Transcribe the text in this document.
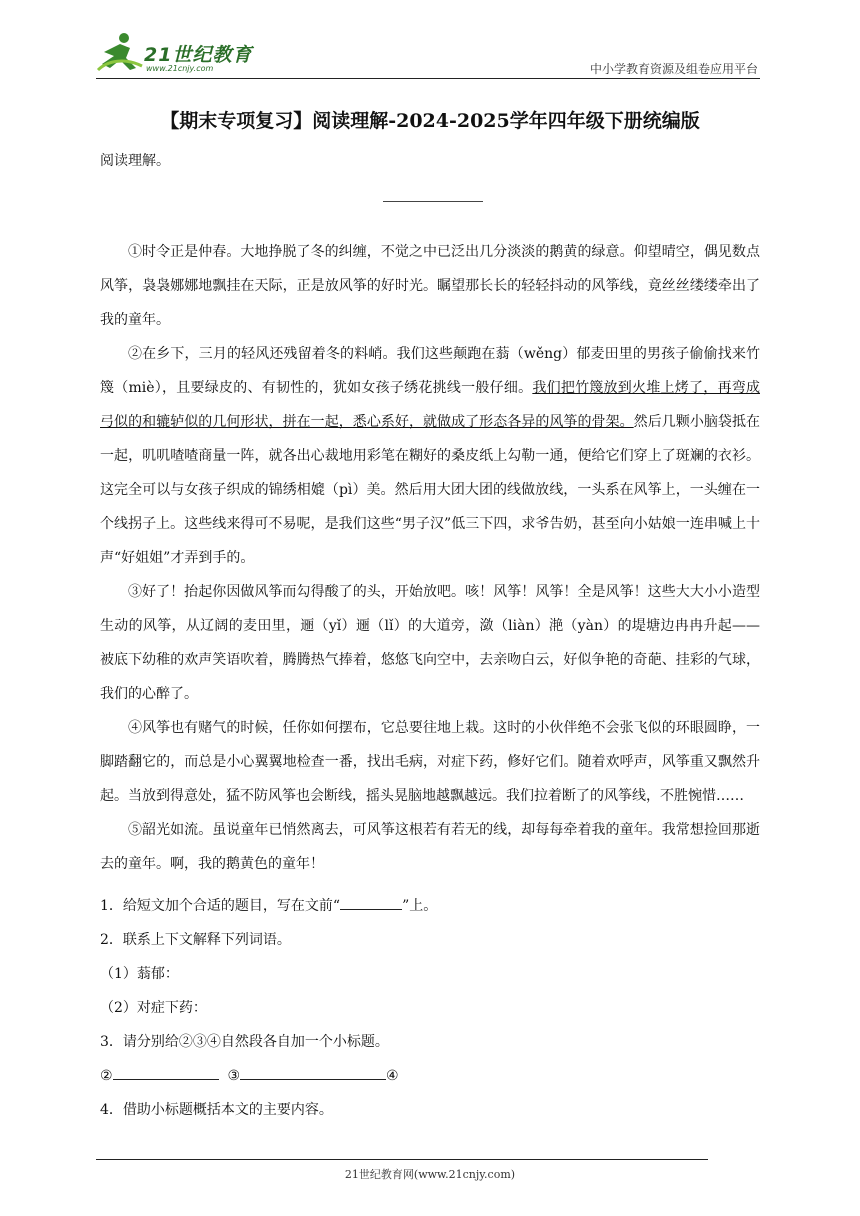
21世纪教育
www.21cnjy.com	中小学教育资源及组卷应用平台
【期末专项复习】阅读理解-2024-2025学年四年级下册统编版
阅读理解。

①时令正是仲春。大地挣脱了冬的纠缠，不觉之中已泛出几分淡淡的鹅黄的绿意。仰望晴空，偶见数点风筝，袅袅娜娜地飘挂在天际，正是放风筝的好时光。瞩望那长长的轻轻抖动的风筝线，竟丝丝缕缕牵出了我的童年。

②在乡下，三月的轻风还残留着冬的料峭。我们这些颠跑在蓊（wěng）郁麦田里的男孩子偷偷找来竹篾（miè），且要绿皮的、有韧性的，犹如女孩子绣花挑线一般仔细。我们把竹篾放到火堆上烤了，再弯成弓似的和辘轳似的几何形状，拼在一起，悉心系好，就做成了形态各异的风筝的骨架。然后几颗小脑袋抵在一起，叽叽喳喳商量一阵，就各出心裁地用彩笔在糊好的桑皮纸上勾勒一通，便给它们穿上了斑斓的衣衫。这完全可以与女孩子织成的锦绣相媲（pì）美。然后用大团大团的线做放线，一头系在风筝上，一头缠在一个线拐子上。这些线来得可不易呢，是我们这些“男子汉”低三下四，求爷告奶，甚至向小姑娘一连串喊上十声“好姐姐”才弄到手的。

③好了！抬起你因做风筝而勾得酸了的头，开始放吧。咳！风筝！风筝！全是风筝！这些大大小小造型生动的风筝，从辽阔的麦田里，逦（yǐ）逦（lǐ）的大道旁，潋（liàn）滟（yàn）的堤塘边冉冉升起——被底下幼稚的欢声笑语吹着，腾腾热气捧着，悠悠飞向空中，去亲吻白云，好似争艳的奇葩、挂彩的气球，我们的心醉了。

④风筝也有赌气的时候，任你如何摆布，它总要往地上栽。这时的小伙伴绝不会张飞似的环眼圆睁，一脚踏翻它的，而总是小心翼翼地检查一番，找出毛病，对症下药，修好它们。随着欢呼声，风筝重又飘然升起。当放到得意处，猛不防风筝也会断线，摇头晃脑地越飘越远。我们拉着断了的风筝线，不胜惋惜……

⑤韶光如流。虽说童年已悄然离去，可风筝这根若有若无的线，却每每牵着我的童年。我常想捡回那逝去的童年。啊，我的鹅黄色的童年！

1．给短文加个合适的题目，写在文前“	”上。
2．联系上下文解释下列词语。
（1）蓊郁：
（2）对症下药：
3．请分别给②③④自然段各自加一个小标题。
②	③	④
4．借助小标题概括本文的主要内容。
21世纪教育网(www.21cnjy.com)
